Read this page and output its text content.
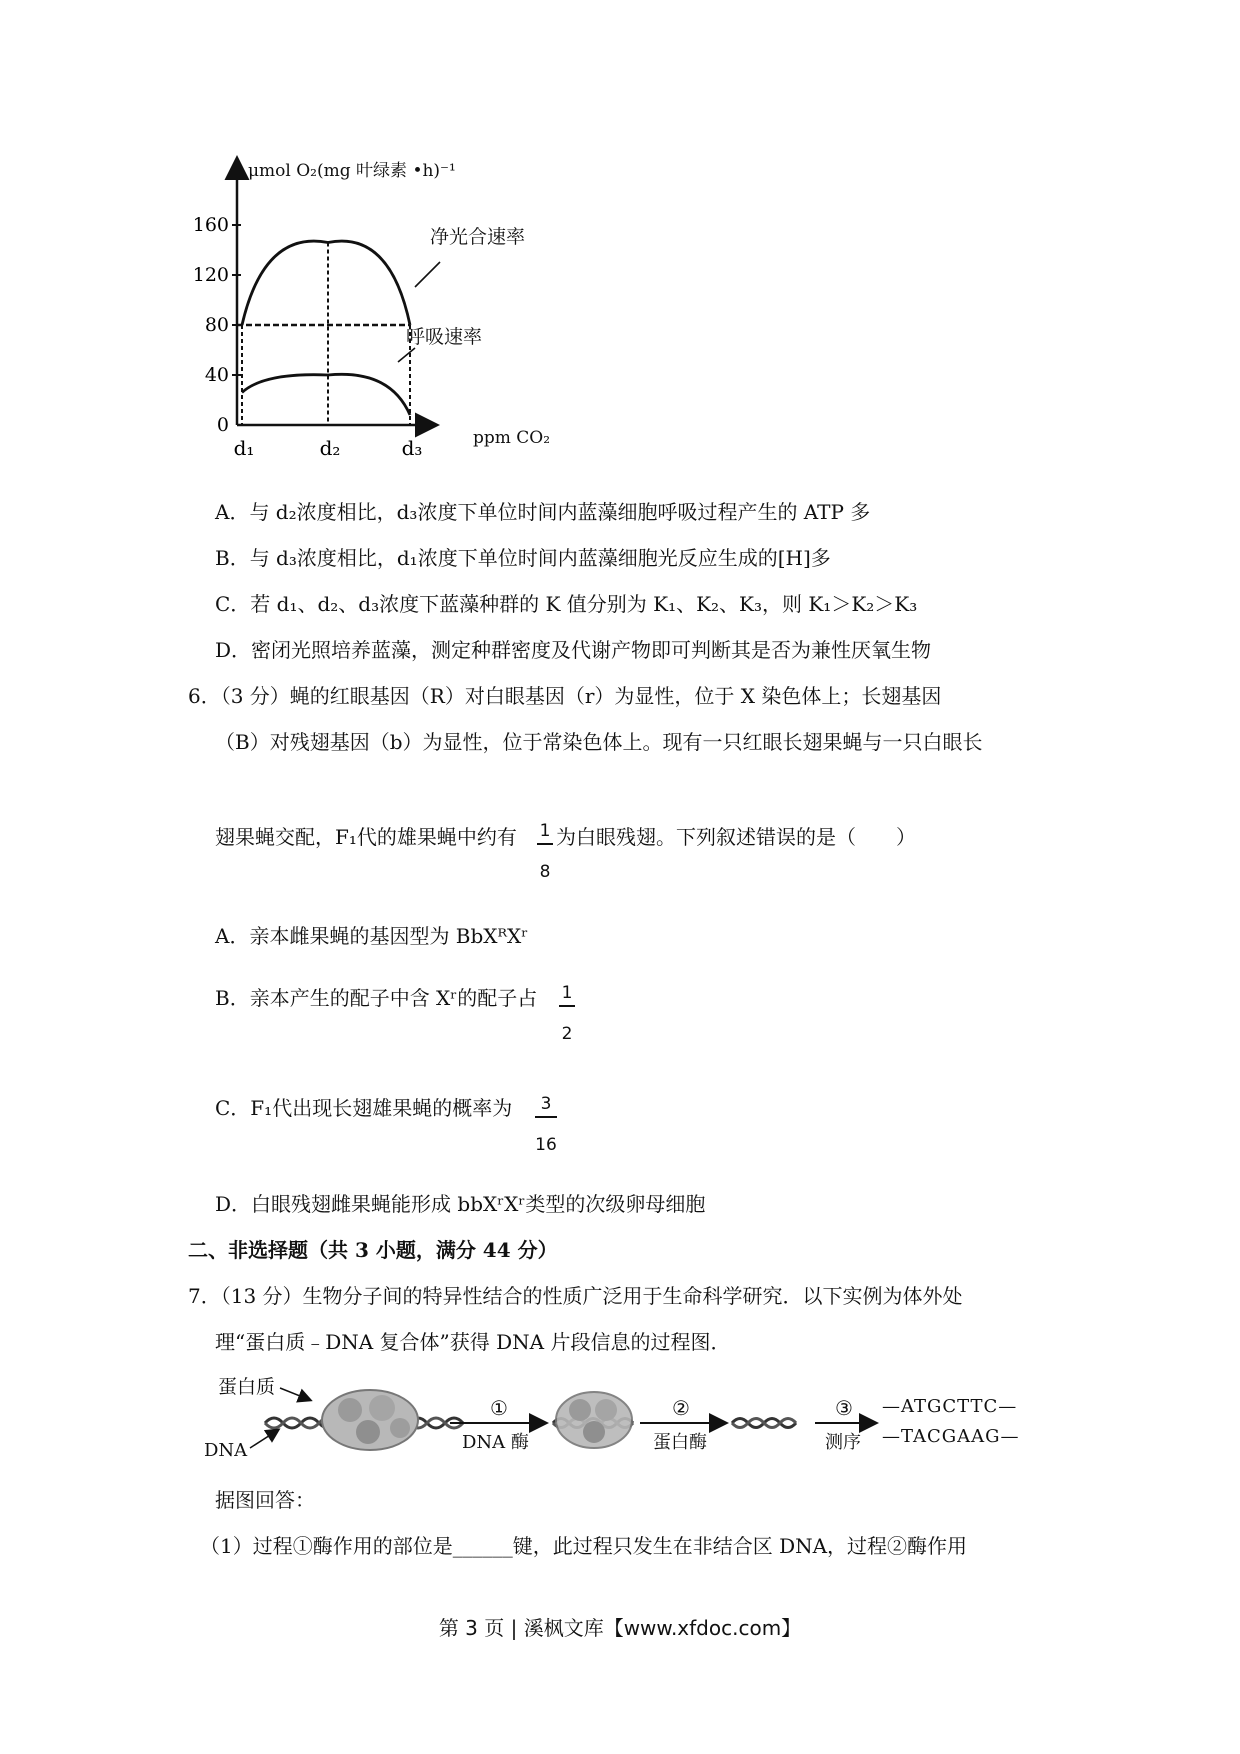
0
40
80
120
160
d₁	d₂	d₃
μmol O₂(mg 叶绿素 •h)⁻¹
ppm CO₂
净光合速率
呼吸速率
A．与 d₂浓度相比，d₃浓度下单位时间内蓝藻细胞呼吸过程产生的 ATP 多
B．与 d₃浓度相比，d₁浓度下单位时间内蓝藻细胞光反应生成的[H]多
C．若 d₁、d₂、d₃浓度下蓝藻种群的 K 值分别为 K₁、K₂、K₃，则 K₁＞K₂＞K₃
D．密闭光照培养蓝藻，测定种群密度及代谢产物即可判断其是否为兼性厌氧生物
6．（3 分）蝇的红眼基因（R）对白眼基因（r）为显性，位于 X 染色体上；长翅基因
（B）对残翅基因（b）为显性，位于常染色体上。现有一只红眼长翅果蝇与一只白眼长
翅果蝇交配，F₁代的雄果蝇中约有	1
8
为白眼残翅。下列叙述错误的是（　　）
A．亲本雌果蝇的基因型为 BbXᴿXʳ
B．亲本产生的配子中含 Xʳ的配子占	1
2
C．F₁代出现长翅雄果蝇的概率为	3
16
D．白眼残翅雌果蝇能形成 bbXʳXʳ类型的次级卵母细胞
二、非选择题（共 3 小题，满分 44 分）
7．（13 分）生物分子间的特异性结合的性质广泛用于生命科学研究．以下实例为体外处
理“蛋白质﹣DNA 复合体”获得 DNA 片段信息的过程图．
蛋白质
DNA
①
DNA 酶
②
蛋白酶
③
测序
—ATGCTTC—
—TACGAAG—
据图回答：
（1）过程①酶作用的部位是______键，此过程只发生在非结合区 DNA，过程②酶作用
第 3 页 | 溪枫文库【www.xfdoc.com】
